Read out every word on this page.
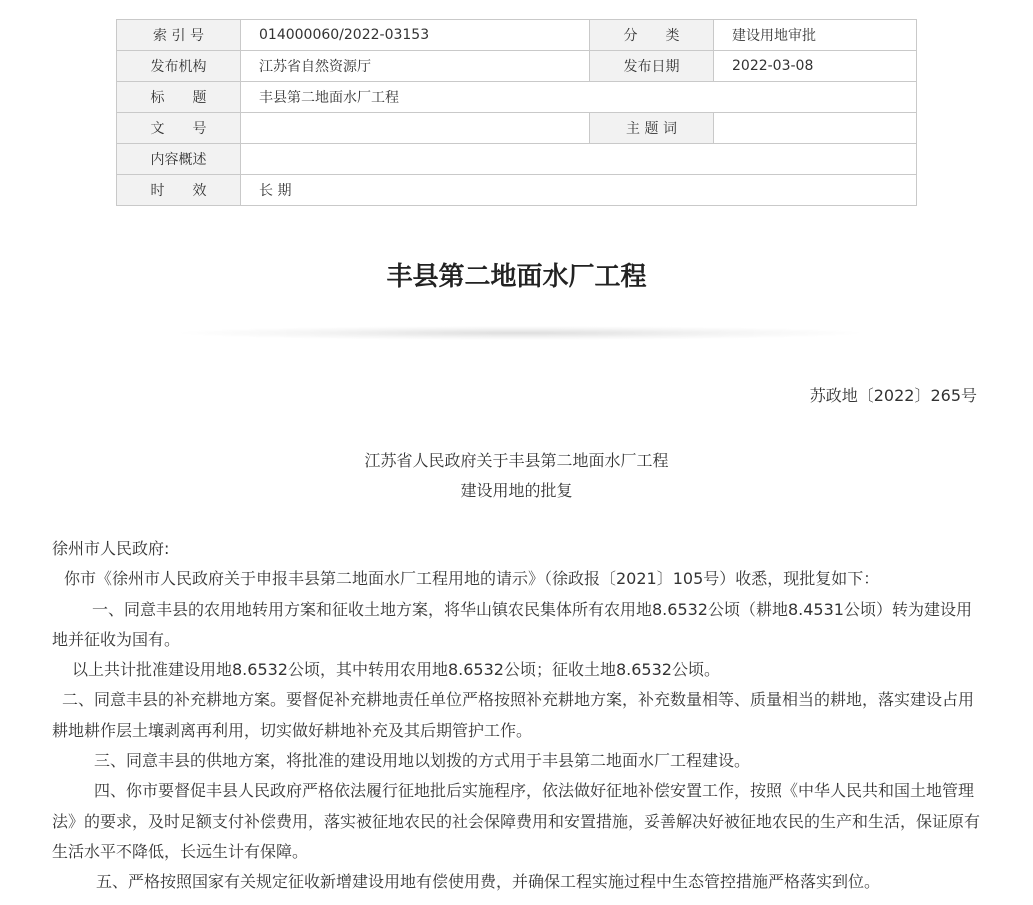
索 引 号	014000060/2022-03153	分　　类	建设用地审批
发布机构	江苏省自然资源厅	发布日期	2022-03-08
标　　题	丰县第二地面水厂工程		
文　　号		主 题 词	
内容概述			
时　　效	长 期		
丰县第二地面水厂工程
苏政地〔2022〕265号
江苏省人民政府关于丰县第二地面水厂工程
建设用地的批复

徐州市人民政府:

你市《徐州市人民政府关于申报丰县第二地面水厂工程用地的请示》（徐政报〔2021〕105号）收悉，现批复如下：

一、同意丰县的农用地转用方案和征收土地方案，将华山镇农民集体所有农用地8.6532公顷（耕地8.4531公顷）转为建设用地并征收为国有。

以上共计批准建设用地8.6532公顷，其中转用农用地8.6532公顷；征收土地8.6532公顷。

二、同意丰县的补充耕地方案。要督促补充耕地责任单位严格按照补充耕地方案，补充数量相等、质量相当的耕地，落实建设占用耕地耕作层土壤剥离再利用，切实做好耕地补充及其后期管护工作。

三、同意丰县的供地方案，将批准的建设用地以划拨的方式用于丰县第二地面水厂工程建设。

四、你市要督促丰县人民政府严格依法履行征地批后实施程序，依法做好征地补偿安置工作，按照《中华人民共和国土地管理法》的要求，及时足额支付补偿费用，落实被征地农民的社会保障费用和安置措施，妥善解决好被征地农民的生产和生活，保证原有生活水平不降低，长远生计有保障。

五、严格按照国家有关规定征收新增建设用地有偿使用费，并确保工程实施过程中生态管控措施严格落实到位。
